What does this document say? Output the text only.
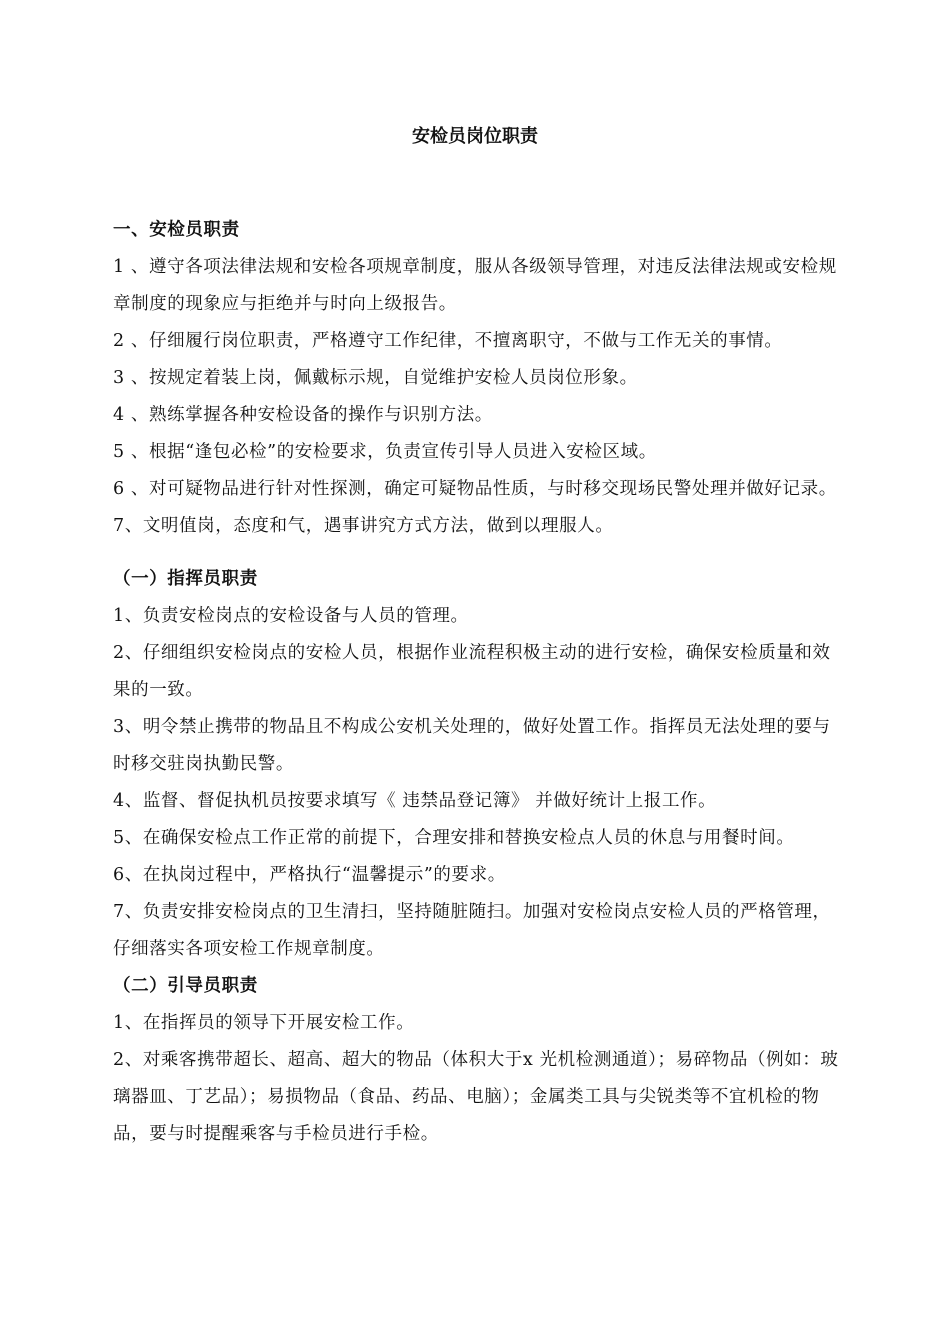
安检员岗位职责

一、安检员职责

1 、遵守各项法律法规和安检各项规章制度，服从各级领导管理，对违反法律法规或安检规章制度的现象应与拒绝并与时向上级报告。

2 、仔细履行岗位职责，严格遵守工作纪律，不擅离职守，不做与工作无关的事情。

3 、按规定着装上岗，佩戴标示规，自觉维护安检人员岗位形象。

4 、熟练掌握各种安检设备的操作与识别方法。

5 、根据“逢包必检”的安检要求，负责宣传引导人员进入安检区域。

6 、对可疑物品进行针对性探测，确定可疑物品性质，与时移交现场民警处理并做好记录。

7、文明值岗，态度和气，遇事讲究方式方法，做到以理服人。

（一）指挥员职责

1、负责安检岗点的安检设备与人员的管理。

2、仔细组织安检岗点的安检人员，根据作业流程积极主动的进行安检，确保安检质量和效果的一致。

3、明令禁止携带的物品且不构成公安机关处理的，做好处置工作。指挥员无法处理的要与时移交驻岗执勤民警。

4、监督、督促执机员按要求填写《 违禁品登记簿》 并做好统计上报工作。

5、在确保安检点工作正常的前提下，合理安排和替换安检点人员的休息与用餐时间。

6、在执岗过程中，严格执行“温馨提示”的要求。

7、负责安排安检岗点的卫生清扫，坚持随脏随扫。加强对安检岗点安检人员的严格管理，仔细落实各项安检工作规章制度。

（二）引导员职责

1、在指挥员的领导下开展安检工作。

2、对乘客携带超长、超高、超大的物品（体积大于x 光机检测通道）；易碎物品（例如：玻璃器皿、丁艺品）；易损物品（食品、药品、电脑）；金属类工具与尖锐类等不宜机检的物品，要与时提醒乘客与手检员进行手检。
